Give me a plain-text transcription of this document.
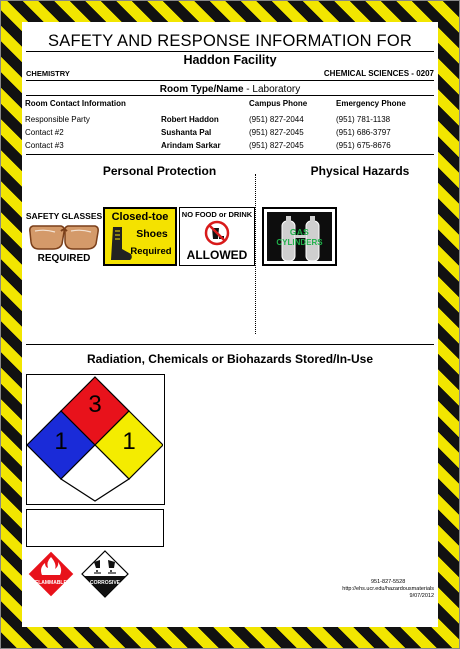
SAFETY AND RESPONSE INFORMATION FOR
Haddon Facility
CHEMISTRY	CHEMICAL SCIENCES - 0207
Room Type/Name - Laboratory
Room Contact Information	Campus Phone	Emergency Phone
Responsible Party	Robert Haddon	(951) 827-2044	(951) 781-1138
Contact #2	Sushanta Pal	(951) 827-2045	(951) 686-3797
Contact #3	Arindam Sarkar	(951) 827-2045	(951) 675-8676
Personal Protection	Physical Hazards
SAFETY GLASSES
REQUIRED
Closed-toe
Shoes
Required
NO FOOD or DRINK
ALLOWED
GAS
CYLINDERS
Radiation, Chemicals or Biohazards Stored/In-Use
3
1	1
FLAMMABLE	CORROSIVE	951-827-5528
http://ehs.ucr.edu/hazardousmaterials
9/07/2012
